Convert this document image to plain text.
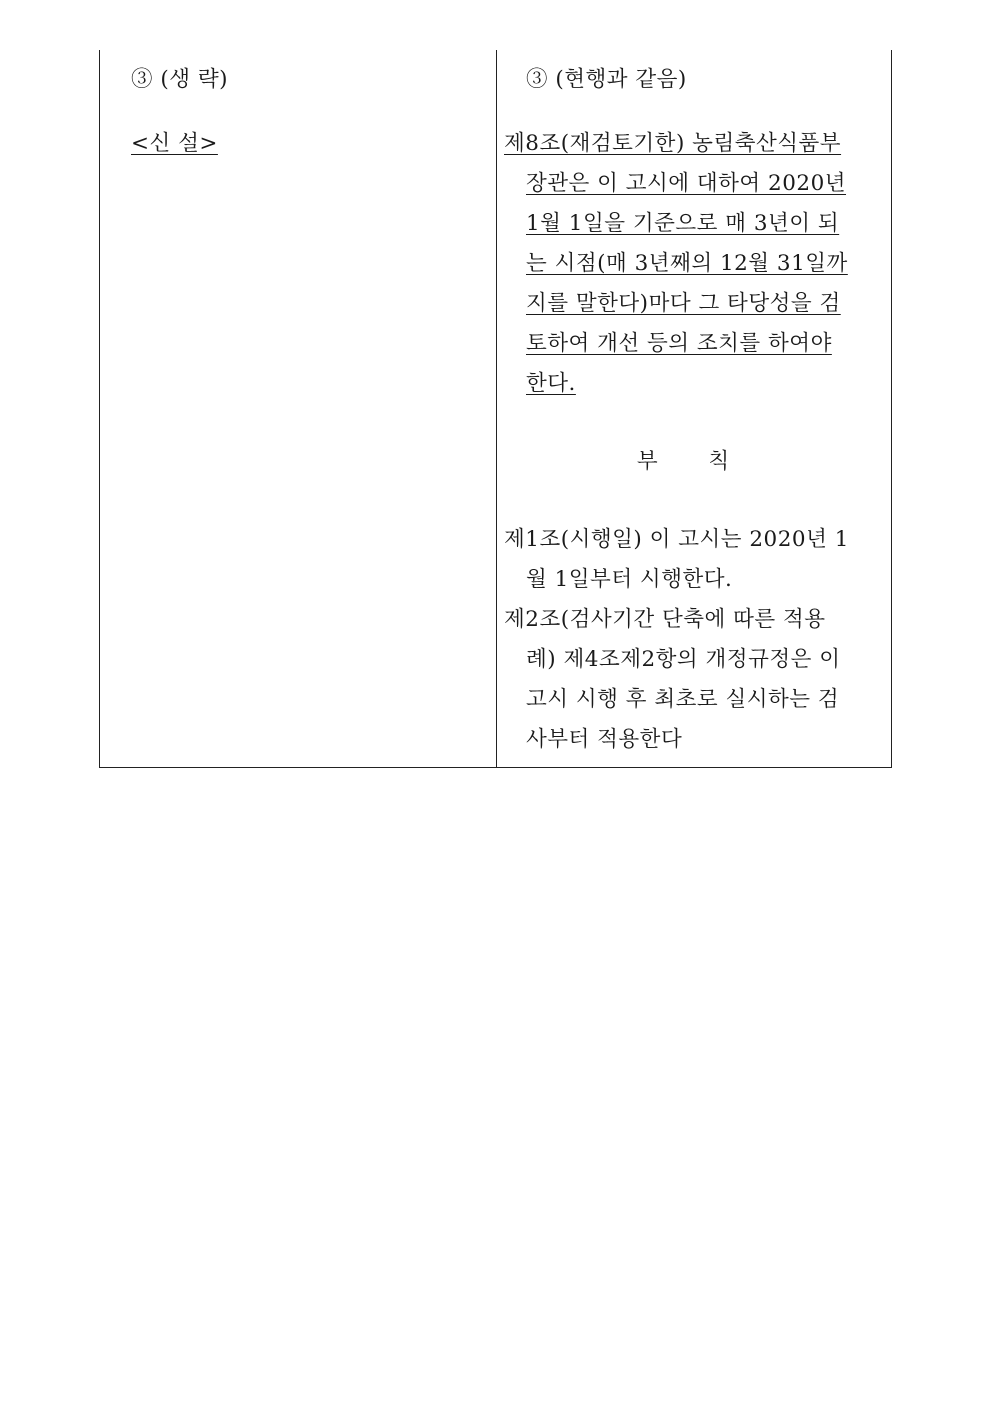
③ (생 략)
<신 설>
③ (현행과 같음)
제8조(재검토기한) 농림축산식품부
장관은 이 고시에 대하여 2020년
1월 1일을 기준으로 매 3년이 되
는 시점(매 3년째의 12월 31일까
지를 말한다)마다 그 타당성을 검
토하여 개선 등의 조치를 하여야
한다.
부 칙
제1조(시행일) 이 고시는 2020년 1
월 1일부터 시행한다.
제2조(검사기간 단축에 따른 적용
례) 제4조제2항의 개정규정은 이
고시 시행 후 최초로 실시하는 검
사부터 적용한다
